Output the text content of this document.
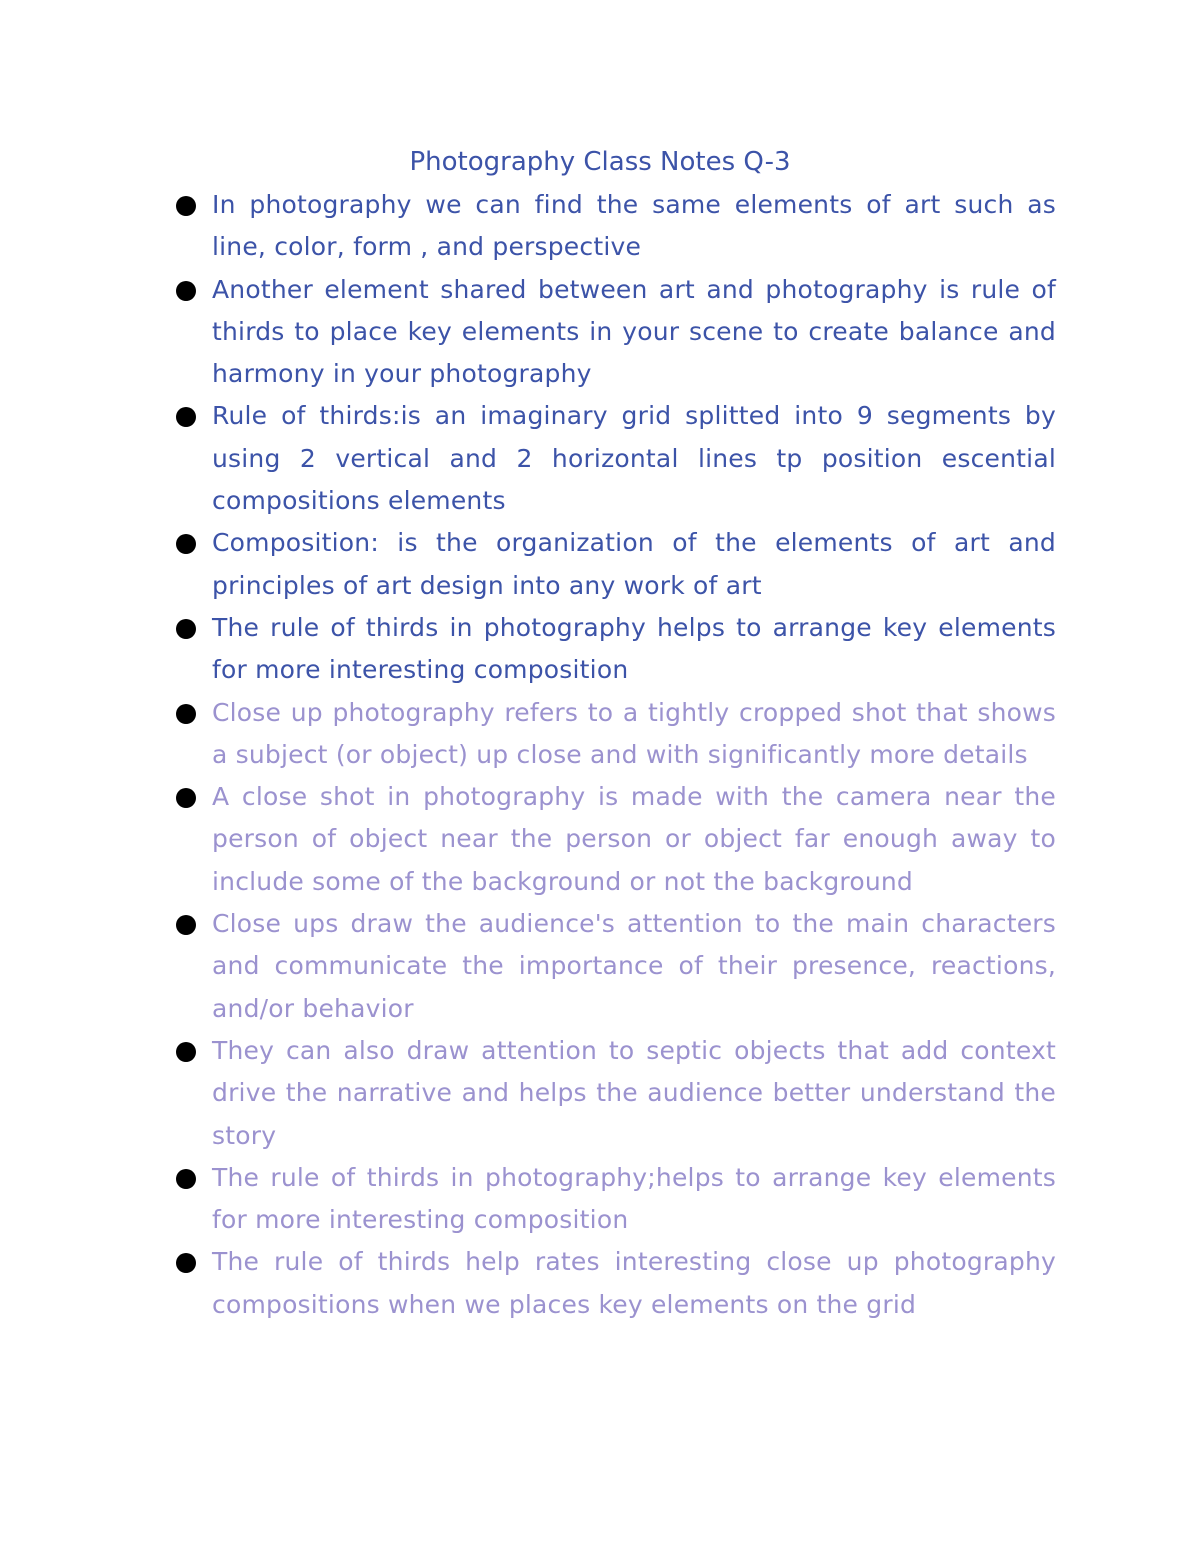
Photography Class Notes Q-3
In photography we can find the same elements of art such as line, color, form , and perspective
Another element shared between art and photography is rule of thirds to place key elements in your scene to create balance and harmony in your photography
Rule of thirds:is an imaginary grid splitted into 9 segments by using 2 vertical and 2 horizontal lines tp position escential compositions elements
Composition: is the organization of the elements of art and principles of art design into any work of art
The rule of thirds in photography helps to arrange key elements for more interesting composition
Close up photography refers to a tightly cropped shot that shows a subject (or object) up close and with significantly more details
A close shot in photography is made with the camera near the person of object near the person or object far enough away to include some of the background or not the background
Close ups draw the audience's attention to the main characters and communicate the importance of their presence, reactions, and/or behavior
They can also draw attention to septic objects that add context drive the narrative and helps the audience better understand the story
The rule of thirds in photography;helps to arrange key elements for more interesting composition
The rule of thirds help rates interesting close up photography compositions when we places key elements on the grid
